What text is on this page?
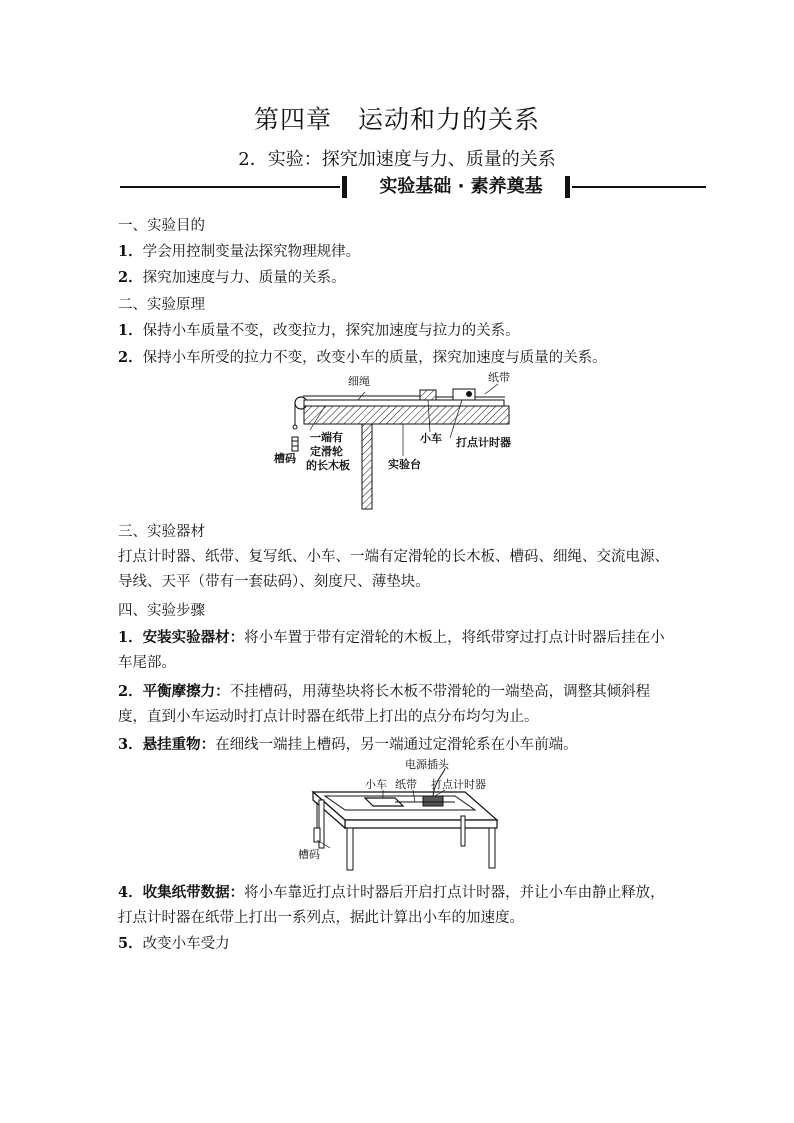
第四章　运动和力的关系
2．实验：探究加速度与力、质量的关系
实验基础 · 素养奠基
一、实验目的
1．学会用控制变量法探究物理规律。
2．探究加速度与力、质量的关系。
二、实验原理
1．保持小车质量不变，改变拉力，探究加速度与拉力的关系。
2．保持小车所受的拉力不变，改变小车的质量，探究加速度与质量的关系。
细绳	纸带
一端有
定滑轮
的长木板
槽码
小车 打点计时器
实验台
三、实验器材
打点计时器、纸带、复写纸、小车、一端有定滑轮的长木板、槽码、细绳、交流电源、导线、天平（带有一套砝码）、刻度尺、薄垫块。
四、实验步骤
1．安装实验器材：将小车置于带有定滑轮的木板上，将纸带穿过打点计时器后挂在小车尾部。
2．平衡摩擦力：不挂槽码，用薄垫块将长木板不带滑轮的一端垫高，调整其倾斜程度，直到小车运动时打点计时器在纸带上打出的点分布均匀为止。
3．悬挂重物：在细线一端挂上槽码，另一端通过定滑轮系在小车前端。
电源插头
小车 纸带 打点计时器
槽码
4．收集纸带数据：将小车靠近打点计时器后开启打点计时器，并让小车由静止释放，打点计时器在纸带上打出一系列点，据此计算出小车的加速度。
5．改变小车受力
